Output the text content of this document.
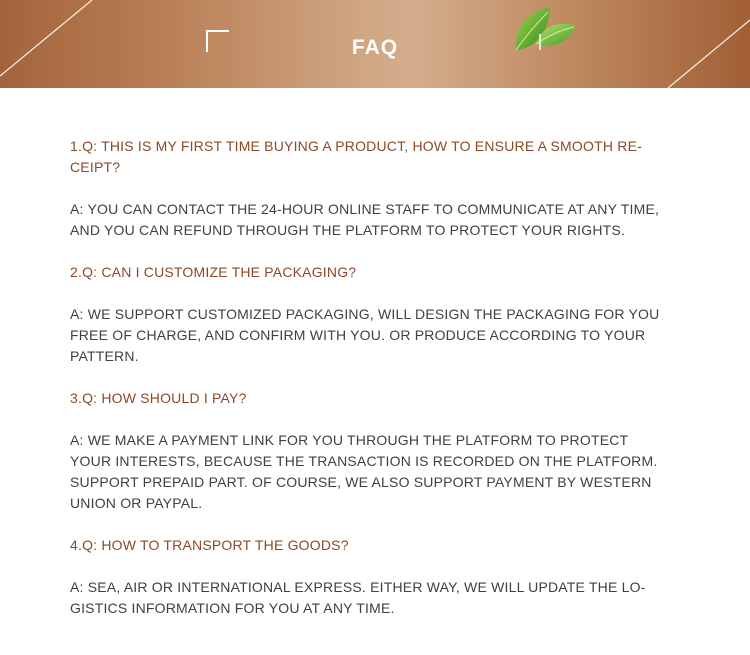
FAQ

1.Q: THIS IS MY FIRST TIME BUYING A PRODUCT, HOW TO ENSURE A SMOOTH RE-

CEIPT?

A: YOU CAN CONTACT THE 24-HOUR ONLINE STAFF TO COMMUNICATE AT ANY TIME,

AND YOU CAN REFUND THROUGH THE PLATFORM TO PROTECT YOUR RIGHTS.

2.Q: CAN I CUSTOMIZE THE PACKAGING?

A: WE SUPPORT CUSTOMIZED PACKAGING, WILL DESIGN THE PACKAGING FOR YOU

FREE OF CHARGE, AND CONFIRM WITH YOU. OR PRODUCE ACCORDING TO YOUR

PATTERN.

3.Q: HOW SHOULD I PAY?

A: WE MAKE A PAYMENT LINK FOR YOU THROUGH THE PLATFORM TO PROTECT

YOUR INTERESTS, BECAUSE THE TRANSACTION IS RECORDED ON THE PLATFORM.

SUPPORT PREPAID PART. OF COURSE, WE ALSO SUPPORT PAYMENT BY WESTERN

UNION OR PAYPAL.

4.Q: HOW TO TRANSPORT THE GOODS?

A: SEA, AIR OR INTERNATIONAL EXPRESS. EITHER WAY, WE WILL UPDATE THE LO-

GISTICS INFORMATION FOR YOU AT ANY TIME.
